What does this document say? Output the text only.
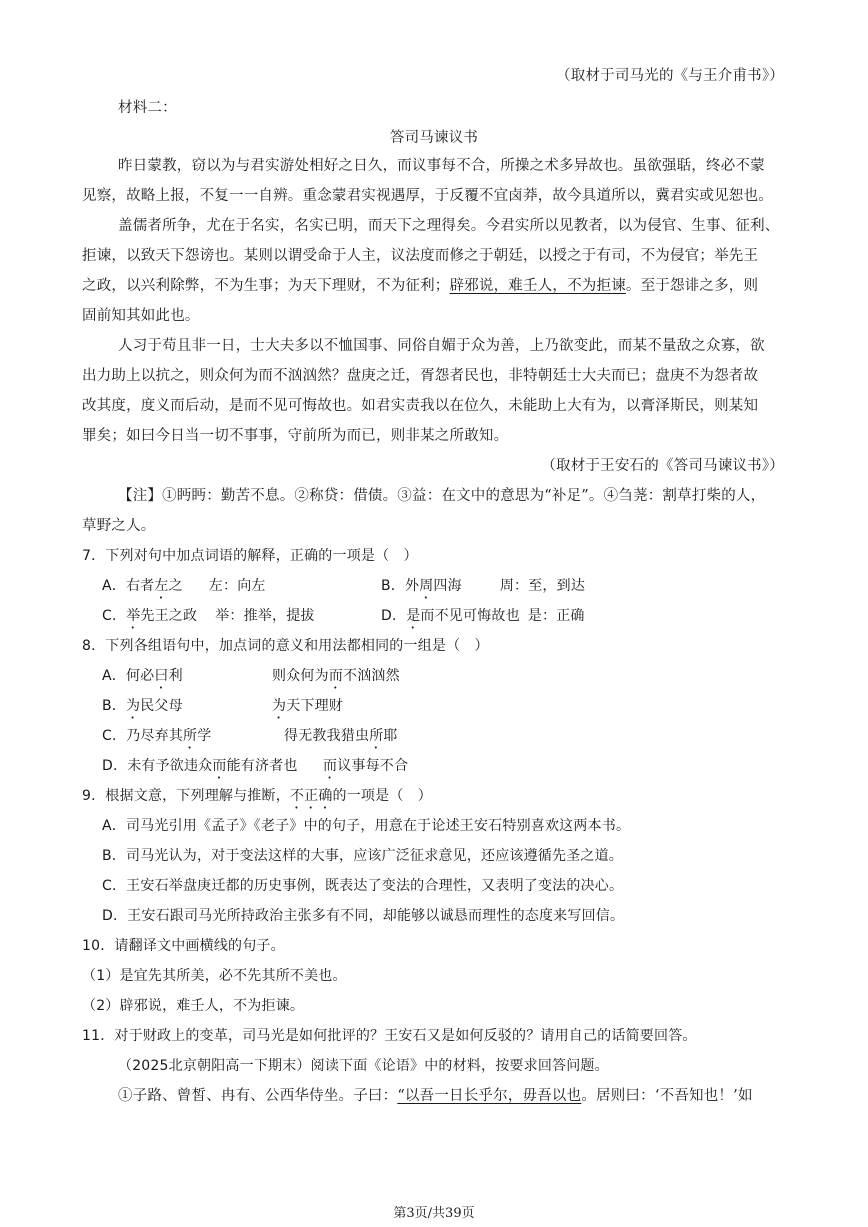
（取材于司马光的《与王介甫书》）
材料二：
答司马谏议书
昨日蒙教，窃以为与君实游处相好之日久，而议事每不合，所操之术多异故也。虽欲强聒，终必不蒙
见察，故略上报，不复一一自辨。重念蒙君实视遇厚，于反覆不宜卤莽，故今具道所以，冀君实或见恕也。
盖儒者所争，尤在于名实，名实已明，而天下之理得矣。今君实所以见教者，以为侵官、生事、征利、
拒谏，以致天下怨谤也。某则以谓受命于人主，议法度而修之于朝廷，以授之于有司，不为侵官；举先王
之政，以兴利除弊，不为生事；为天下理财，不为征利；辟邪说，难壬人，不为拒谏。至于怨诽之多，则
固前知其如此也。
人习于苟且非一日，士大夫多以不恤国事、同俗自媚于众为善，上乃欲变此，而某不量敌之众寡，欲
出力助上以抗之，则众何为而不汹汹然？盘庚之迁，胥怨者民也，非特朝廷士大夫而已；盘庚不为怨者故
改其度，度义而后动，是而不见可悔故也。如君实责我以在位久，未能助上大有为，以膏泽斯民，则某知
罪矣；如曰今日当一切不事事，守前所为而已，则非某之所敢知。
（取材于王安石的《答司马谏议书》）
【注】①眄眄：勤苦不息。②称贷：借债。③益：在文中的意思为“补足”。④刍荛：割草打柴的人，
草野之人。
7．下列对句中加点词语的解释，正确的一项是（　）
A．右者左之 左：向左	B．外周四海	周：至，到达
C．举先王之政 举：推举，提拔	D．是而不见可悔故也 是：正确
8．下列各组语句中，加点词的意义和用法都相同的一组是（　）
A．何必曰利	则众何为而不汹汹然
B．为民父母	为天下理财
C．乃尽弃其所学	得无教我猎虫所耶
D．未有予欲违众而能有济者也 而议事每不合
9．根据文意，下列理解与推断，不正确的一项是（　）
A．司马光引用《孟子》《老子》中的句子，用意在于论述王安石特别喜欢这两本书。
B．司马光认为，对于变法这样的大事，应该广泛征求意见，还应该遵循先圣之道。
C．王安石举盘庚迁都的历史事例，既表达了变法的合理性，又表明了变法的决心。
D．王安石跟司马光所持政治主张多有不同，却能够以诚恳而理性的态度来写回信。
10．请翻译文中画横线的句子。
（1）是宜先其所美，必不先其所不美也。
（2）辟邪说，难壬人，不为拒谏。
11．对于财政上的变革，司马光是如何批评的？王安石又是如何反驳的？请用自己的话简要回答。
（2025北京朝阳高一下期末）阅读下面《论语》中的材料，按要求回答问题。
①子路、曾皙、冉有、公西华侍坐。子曰：“以吾一日长乎尔，毋吾以也。居则曰：‘不吾知也！’如
第3页/共39页
